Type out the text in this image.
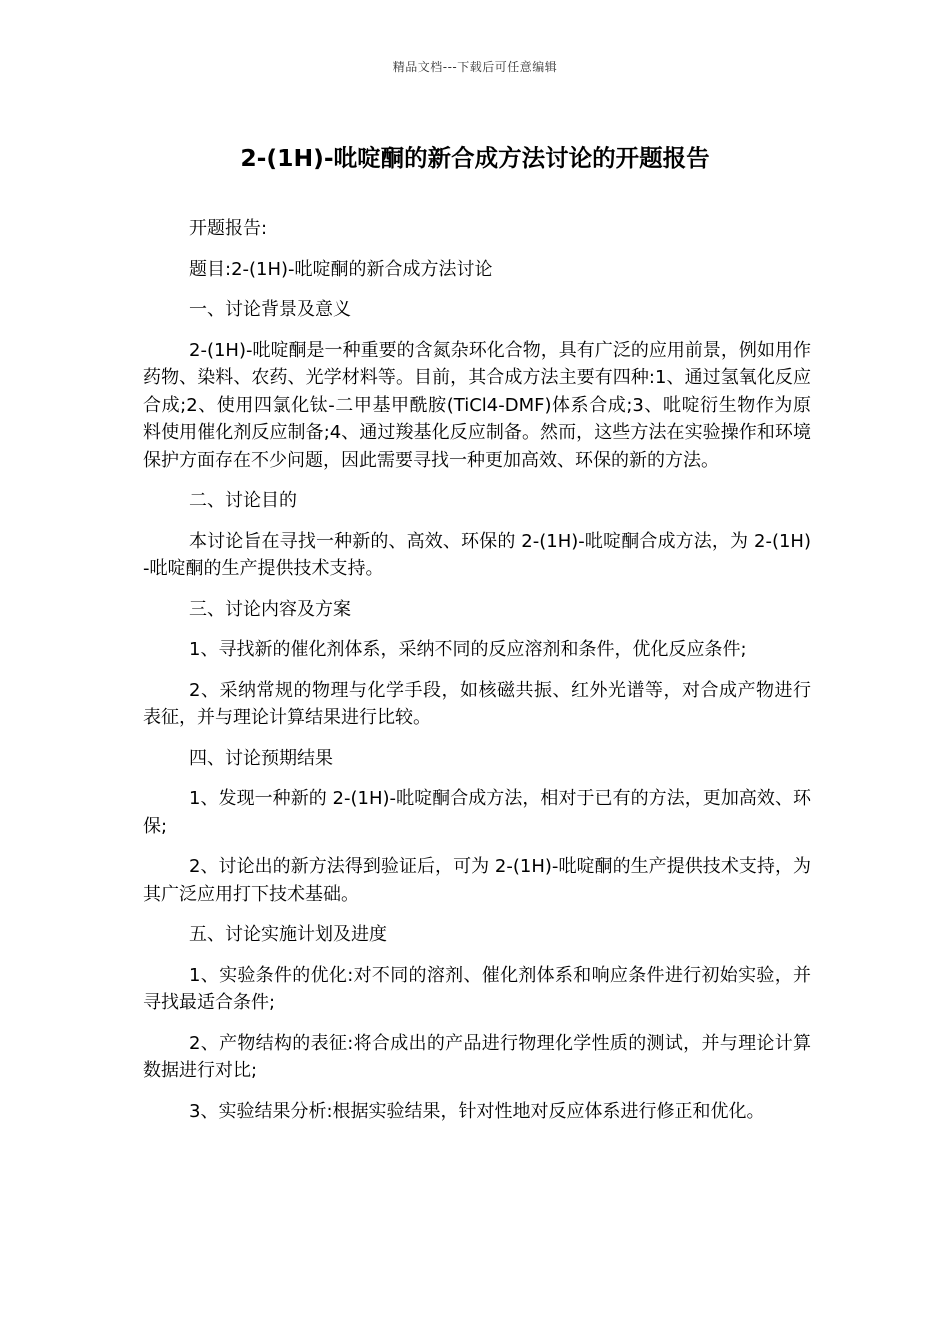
精品文档---下载后可任意编辑
2-(1H)-吡啶酮的新合成方法讨论的开题报告

开题报告:

题目:2-(1H)-吡啶酮的新合成方法讨论

一、讨论背景及意义

2-(1H)-吡啶酮是一种重要的含氮杂环化合物，具有广泛的应用前景，例如用作药物、染料、农药、光学材料等。目前，其合成方法主要有四种:1、通过氢氧化反应合成;2、使用四氯化钛-二甲基甲酰胺(TiCl4-DMF)体系合成;3、吡啶衍生物作为原料使用催化剂反应制备;4、通过羧基化反应制备。然而，这些方法在实验操作和环境保护方面存在不少问题，因此需要寻找一种更加高效、环保的新的方法。

二、讨论目的

本讨论旨在寻找一种新的、高效、环保的 2-(1H)-吡啶酮合成方法，为 2-(1H)-吡啶酮的生产提供技术支持。

三、讨论内容及方案

1、寻找新的催化剂体系，采纳不同的反应溶剂和条件，优化反应条件;

2、采纳常规的物理与化学手段，如核磁共振、红外光谱等，对合成产物进行表征，并与理论计算结果进行比较。

四、讨论预期结果

1、发现一种新的 2-(1H)-吡啶酮合成方法，相对于已有的方法，更加高效、环保;

2、讨论出的新方法得到验证后，可为 2-(1H)-吡啶酮的生产提供技术支持，为其广泛应用打下技术基础。

五、讨论实施计划及进度

1、实验条件的优化:对不同的溶剂、催化剂体系和响应条件进行初始实验，并寻找最适合条件;

2、产物结构的表征:将合成出的产品进行物理化学性质的测试，并与理论计算数据进行对比;

3、实验结果分析:根据实验结果，针对性地对反应体系进行修正和优化。
